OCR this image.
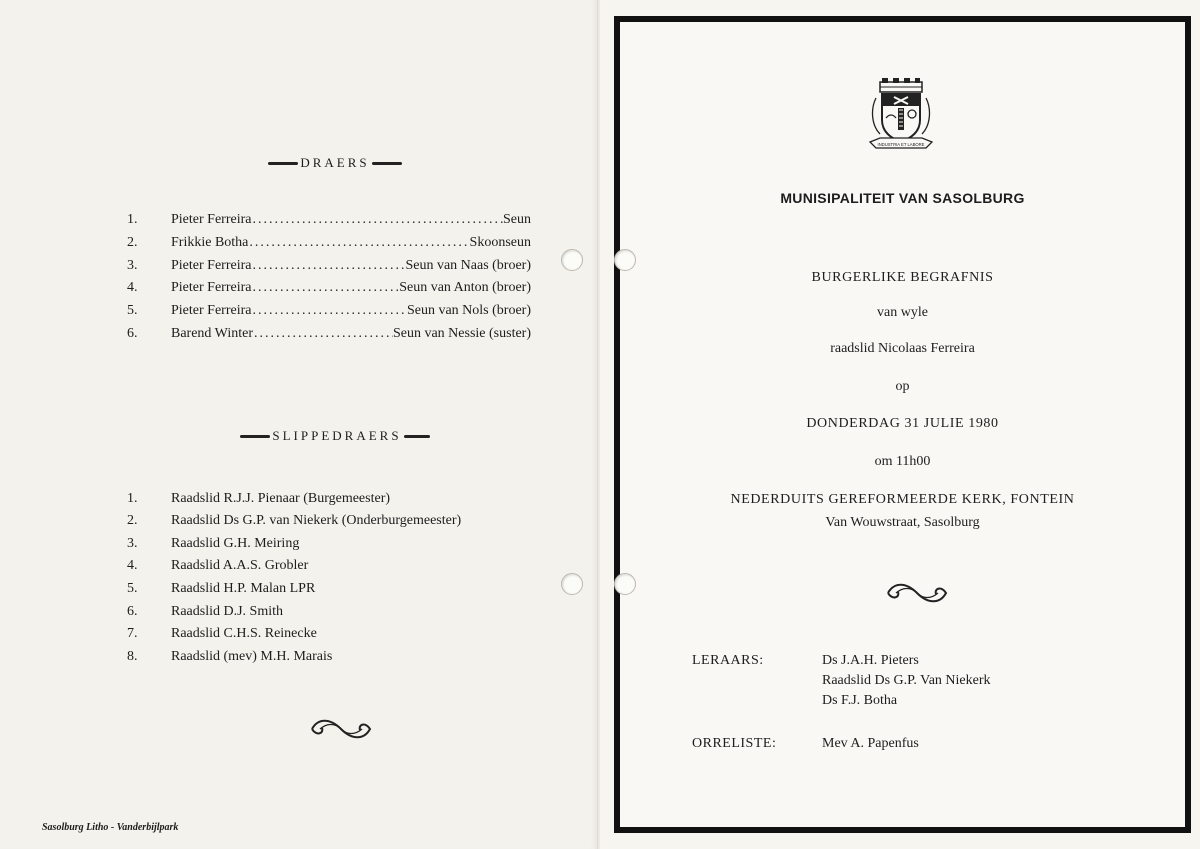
DRAERS
1.	Pieter Ferreira .....	Seun
2.	Frikkie Botha .....	Skoonseun
3.	Pieter Ferreira .....	Seun van Naas (broer)
4.	Pieter Ferreira .....	Seun van Anton (broer)
5.	Pieter Ferreira .....	Seun van Nols (broer)
6.	Barend Winter .....	Seun van Nessie (suster)
SLIPPEDRAERS
1.	Raadslid R.J.J. Pienaar (Burgemeester)
2.	Raadslid Ds G.P. van Niekerk (Onderburgemeester)
3.	Raadslid G.H. Meiring
4.	Raadslid A.A.S. Grobler
5.	Raadslid H.P. Malan LPR
6.	Raadslid D.J. Smith
7.	Raadslid C.H.S. Reinecke
8.	Raadslid (mev) M.H. Marais
Sasolburg Litho - Vanderbijlpark
INDUSTRIA ET LABORE
MUNISIPALITEIT VAN SASOLBURG
BURGERLIKE BEGRAFNIS
van wyle
raadslid Nicolaas Ferreira
op
DONDERDAG 31 JULIE 1980
om 11h00
NEDERDUITS GEREFORMEERDE KERK, FONTEIN
Van Wouwstraat, Sasolburg
LERAARS:	Ds J.A.H. Pieters
Raadslid Ds G.P. Van Niekerk
Ds F.J. Botha
ORRELISTE:	Mev A. Papenfus
